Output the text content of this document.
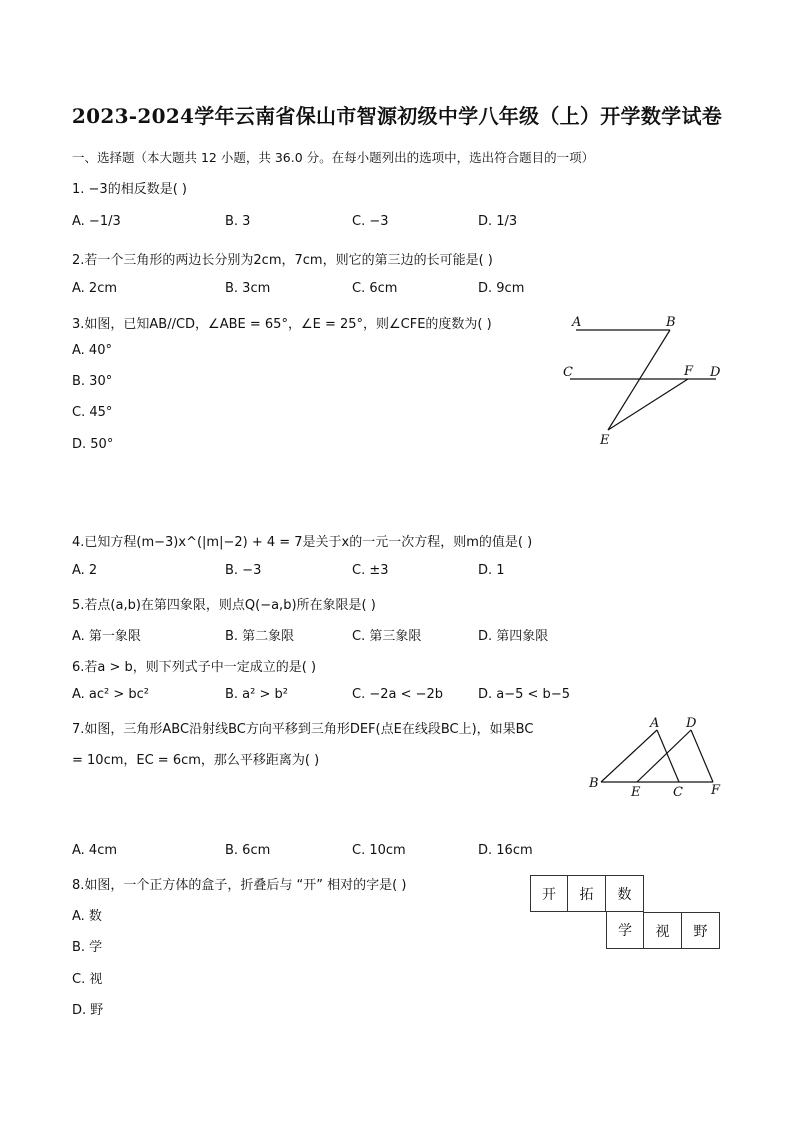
2023-2024学年云南省保山市智源初级中学八年级（上）开学数学试卷
一、选择题（本大题共 12 小题，共 36.0 分。在每小题列出的选项中，选出符合题目的一项）
1. −3的相反数是( )
A. −1/3	B. 3	C. −3	D. 1/3
2.若一个三角形的两边长分别为2cm，7cm，则它的第三边的长可能是( )
A. 2cm	B. 3cm	C. 6cm	D. 9cm
3.如图，已知AB//CD，∠ABE = 65°，∠E = 25°，则∠CFE的度数为( )
A. 40°
B. 30°
C. 45°
D. 50°
A	B
C	F D
E
4.已知方程(m−3)x^(|m|−2) + 4 = 7是关于x的一元一次方程，则m的值是( )
A. 2	B. −3	C. ±3	D. 1
5.若点(a,b)在第四象限，则点Q(−a,b)所在象限是( )
A. 第一象限	B. 第二象限	C. 第三象限	D. 第四象限
6.若a > b，则下列式子中一定成立的是( )
A. ac² > bc²	B. a² > b²	C. −2a < −2b	D. a−5 < b−5
7.如图，三角形ABC沿射线BC方向平移到三角形DEF(点E在线段BC上)，如果BC
= 10cm，EC = 6cm，那么平移距离为( )
A. 4cm	B. 6cm	C. 10cm	D. 16cm
A D
B
E	C F
8.如图，一个正方体的盒子，折叠后与 “开” 相对的字是( )
A. 数
B. 学
C. 视
D. 野
开	拓	数
学	视	野
